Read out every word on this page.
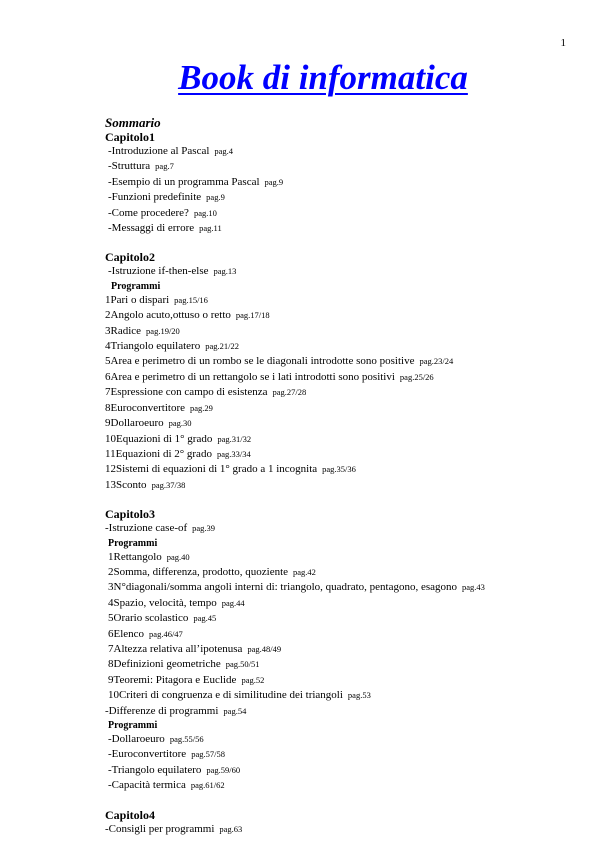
1
Book di informatica
Sommario
Capitolo1
-Introduzione al Pascal pag.4
-Struttura pag.7
-Esempio di un programma Pascal pag.9
-Funzioni predefinite pag.9
-Come procedere? pag.10
-Messaggi di errore pag.11
Capitolo2
-Istruzione if-then-else pag.13
Programmi
1Pari o dispari pag.15/16
2Angolo acuto,ottuso o retto pag.17/18
3Radice pag.19/20
4Triangolo equilatero pag.21/22
5Area e perimetro di un rombo se le diagonali introdotte sono positive pag.23/24
6Area e perimetro di un rettangolo se i lati introdotti sono positivi pag.25/26
7Espressione con campo di esistenza pag.27/28
8Euroconvertitore pag.29
9Dollaroeuro pag.30
10Equazioni di 1° grado pag.31/32
11Equazioni di 2° grado pag.33/34
12Sistemi di equazioni di 1° grado a 1 incognita pag.35/36
13Sconto pag.37/38
Capitolo3
-Istruzione case-of pag.39
Programmi
1Rettangolo pag.40
2Somma, differenza, prodotto, quoziente pag.42
3N°diagonali/somma angoli interni di: triangolo, quadrato, pentagono, esagono pag.43
4Spazio, velocità, tempo pag.44
5Orario scolastico pag.45
6Elenco pag.46/47
7Altezza relativa all’ipotenusa pag.48/49
8Definizioni geometriche pag.50/51
9Teoremi: Pitagora e Euclide pag.52
10Criteri di congruenza e di similitudine dei triangoli pag.53
-Differenze di programmi pag.54
Programmi
-Dollaroeuro pag.55/56
-Euroconvertitore pag.57/58
-Triangolo equilatero pag.59/60
-Capacità termica pag.61/62
Capitolo4
-Consigli per programmi pag.63
